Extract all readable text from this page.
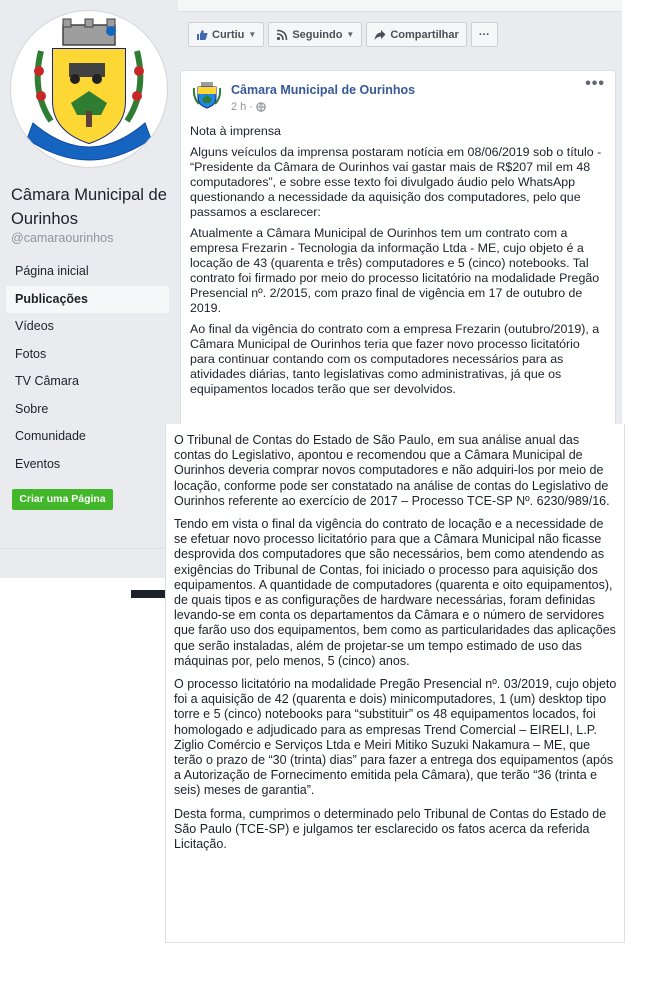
Câmara Municipal de Ourinhos
@camaraourinhos
Página inicial
Publicações
Vídeos
Fotos
TV Câmara
Sobre
Comunidade
Eventos
Criar uma Página
Curtiu ▼	Seguindo ▼	Compartilhar	···
Câmara Municipal de Ourinhos
2 h ·
•••

Nota à imprensa

Alguns veículos da imprensa postaram notícia em 08/06/2019 sob o título - “Presidente da Câmara de Ourinhos vai gastar mais de R$207 mil em 48 computadores”, e sobre esse texto foi divulgado áudio pelo WhatsApp questionando a necessidade da aquisição dos computadores, pelo que passamos a esclarecer:

Atualmente a Câmara Municipal de Ourinhos tem um contrato com a empresa Frezarin - Tecnologia da informação Ltda - ME, cujo objeto é a locação de 43 (quarenta e três) computadores e 5 (cinco) notebooks. Tal contrato foi firmado por meio do processo licitatório na modalidade Pregão Presencial nº. 2/2015, com prazo final de vigência em 17 de outubro de 2019.

Ao final da vigência do contrato com a empresa Frezarin (outubro/2019), a Câmara Municipal de Ourinhos teria que fazer novo processo licitatório para continuar contando com os computadores necessários para as atividades diárias, tanto legislativas como administrativas, já que os equipamentos locados terão que ser devolvidos.

O Tribunal de Contas do Estado de São Paulo, em sua análise anual das contas do Legislativo, apontou e recomendou que a Câmara Municipal de Ourinhos deveria comprar novos computadores e não adquiri-los por meio de locação, conforme pode ser constatado na análise de contas do Legislativo de Ourinhos referente ao exercício de 2017 – Processo TCE-SP Nº. 6230/989/16.

Tendo em vista o final da vigência do contrato de locação e a necessidade de se efetuar novo processo licitatório para que a Câmara Municipal não ficasse desprovida dos computadores que são necessários, bem como atendendo as exigências do Tribunal de Contas, foi iniciado o processo para aquisição dos equipamentos. A quantidade de computadores (quarenta e oito equipamentos), de quais tipos e as configurações de hardware necessárias, foram definidas levando-se em conta os departamentos da Câmara e o número de servidores que farão uso dos equipamentos, bem como as particularidades das aplicações que serão instaladas, além de projetar-se um tempo estimado de uso das máquinas por, pelo menos, 5 (cinco) anos.

O processo licitatório na modalidade Pregão Presencial nº. 03/2019, cujo objeto foi a aquisição de 42 (quarenta e dois) minicomputadores, 1 (um) desktop tipo torre e 5 (cinco) notebooks para “substituir” os 48 equipamentos locados, foi homologado e adjudicado para as empresas Trend Comercial – EIRELI, L.P. Ziglio Comércio e Serviços Ltda e Meiri Mitiko Suzuki Nakamura – ME, que terão o prazo de “30 (trinta) dias” para fazer a entrega dos equipamentos (após a Autorização de Fornecimento emitida pela Câmara), que terão “36 (trinta e seis) meses de garantia”.

Desta forma, cumprimos o determinado pelo Tribunal de Contas do Estado de São Paulo (TCE-SP) e julgamos ter esclarecido os fatos acerca da referida Licitação.
